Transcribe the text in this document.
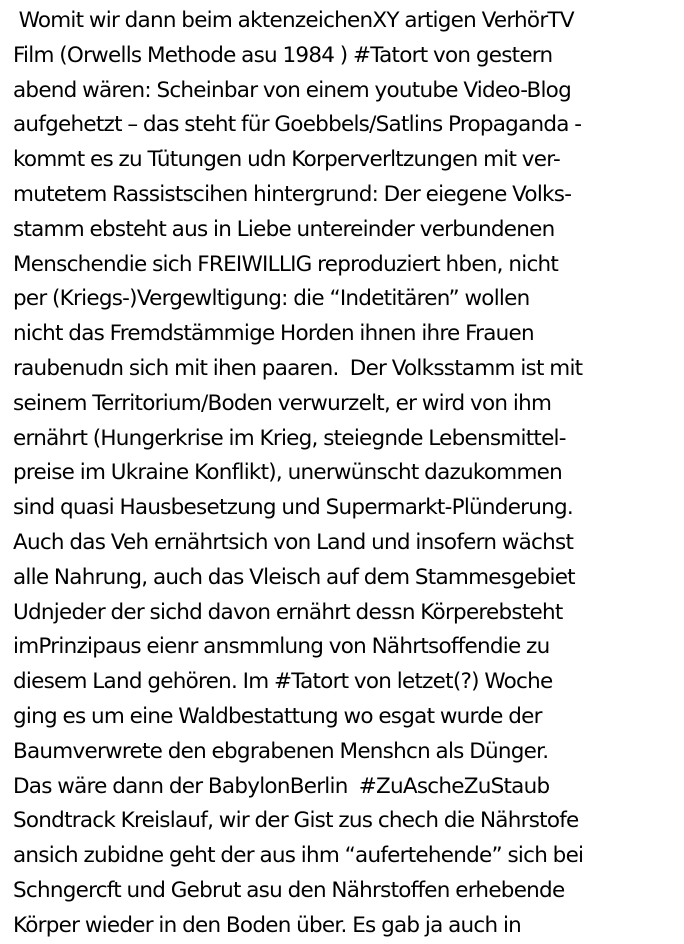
Womit wir dann beim aktenzeichenXY artigen VerhörTV
Film (Orwells Methode asu 1984 ) #Tatort von gestern
abend wären: Scheinbar von einem youtube Video-Blog
aufgehetzt – das steht für Goebbels/Satlins Propaganda -
kommt es zu Tütungen udn Korperverltzungen mit ver-
mutetem Rassistscihen hintergrund: Der eiegene Volks-
stamm ebsteht aus in Liebe untereinder verbundenen
Menschendie sich FREIWILLIG reproduziert hben, nicht
per (Kriegs-)Vergewltigung: die “Indetitären” wollen
nicht das Fremdstämmige Horden ihnen ihre Frauen
raubenudn sich mit ihen paaren.  Der Volksstamm ist mit
seinem Territorium/Boden verwurzelt, er wird von ihm
ernährt (Hungerkrise im Krieg, steiegnde Lebensmittel-
preise im Ukraine Konflikt), unerwünscht dazukommen
sind quasi Hausbesetzung und Supermarkt-Plünderung.
Auch das Veh ernährtsich von Land und insofern wächst
alle Nahrung, auch das Vleisch auf dem Stammesgebiet
Udnjeder der sichd davon ernährt dessn Körperebsteht
imPrinzipaus eienr ansmmlung von Nährtsoffendie zu
diesem Land gehören. Im #Tatort von letzet(?) Woche
ging es um eine Waldbestattung wo esgat wurde der
Baumverwrete den ebgrabenen Menshcn als Dünger.
Das wäre dann der BabylonBerlin  #ZuAscheZuStaub
Sondtrack Kreislauf, wir der Gist zus chech die Nährstofe
ansich zubidne geht der aus ihm “aufertehende” sich bei
Schngercft und Gebrut asu den Nährstoffen erhebende
Körper wieder in den Boden über. Es gab ja auch in
